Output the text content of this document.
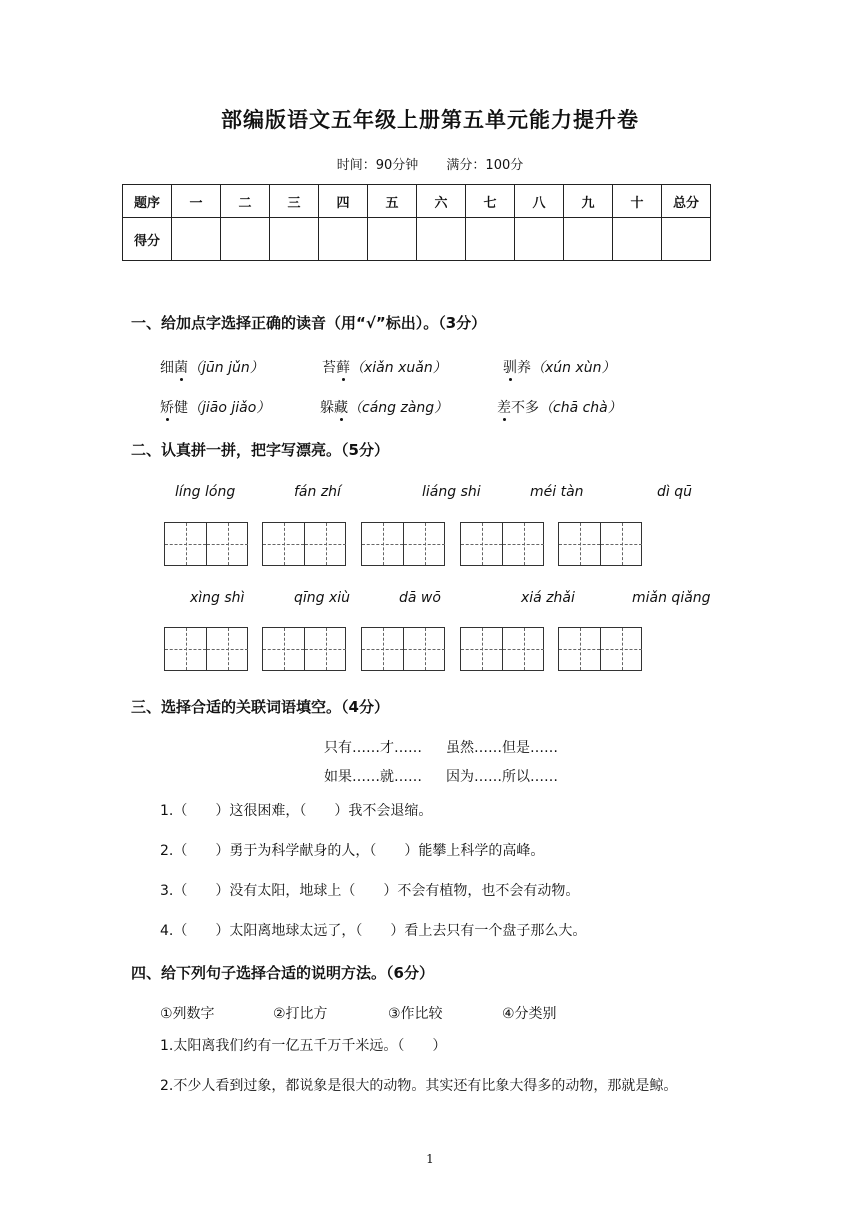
部编版语文五年级上册第五单元能力提升卷
时间：90分钟 满分：100分
题序	一	二	三	四	五	六	七	八	九	十	总分
得分											
一、给加点字选择正确的读音（用“√”标出）。（3分）
细菌（jūn jǔn）	苔藓（xiǎn xuǎn）	驯养（xún xùn）
矫健（jiāo jiǎo）	躲藏（cáng zàng）	差不多（chā chà）
二、认真拼一拼，把字写漂亮。（5分）
líng lóng	fán zhí	liáng shi	méi tàn	dì qū
xìng shì	qīng xiù	dā wō	xiá zhǎi	miǎn qiǎng
三、选择合适的关联词语填空。（4分）
只有……才…… 虽然……但是……
如果……就…… 因为……所以……
1.（　　）这很困难，（　　）我不会退缩。
2.（　　）勇于为科学献身的人，（　　）能攀上科学的高峰。
3.（　　）没有太阳，地球上（　　）不会有植物，也不会有动物。
4.（　　）太阳离地球太远了，（　　）看上去只有一个盘子那么大。
四、给下列句子选择合适的说明方法。（6分）
①列数字	②打比方	③作比较	④分类别
1.太阳离我们约有一亿五千万千米远。（　　）
2.不少人看到过象，都说象是很大的动物。其实还有比象大得多的动物，那就是鲸。
1
